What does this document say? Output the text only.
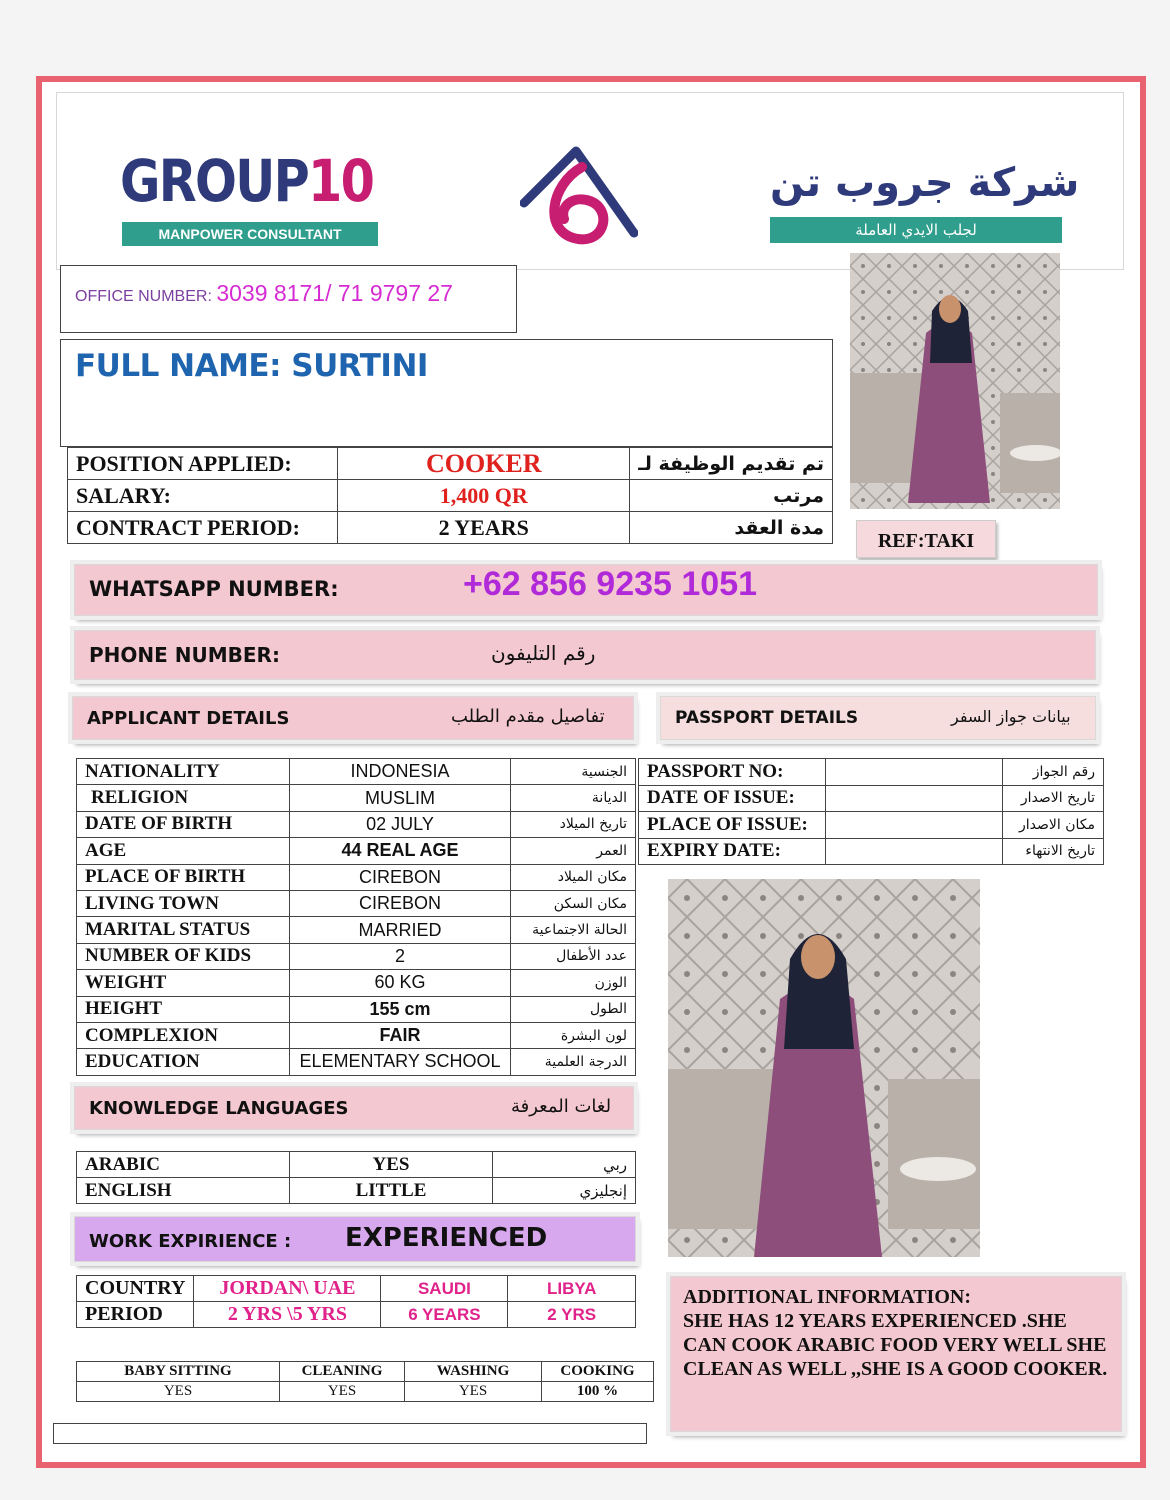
GROUP10
MANPOWER CONSULTANT
شركة جروب تن
لجلب الايدي العاملة
OFFICE NUMBER: 3039 8171/ 71 9797 27
FULL NAME: SURTINI
POSITION APPLIED:	COOKER	تم تقديم الوظيفة لـ
SALARY:	1,400 QR	مرتب
CONTRACT PERIOD:	2 YEARS	مدة العقد
REF:TAKI
WHATSAPP NUMBER:	+62 856 9235 1051
PHONE NUMBER:	رقم التليفون
APPLICANT DETAILS	تفاصيل مقدم الطلب	PASSPORT DETAILS	بيانات جواز السفر
NATIONALITY	INDONESIA	الجنسية
RELIGION	MUSLIM	الديانة
DATE OF BIRTH	02 JULY	تاريخ الميلاد
AGE	44 REAL AGE	العمر
PLACE OF BIRTH	CIREBON	مكان الميلاد
LIVING TOWN	CIREBON	مكان السكن
MARITAL STATUS	MARRIED	الحالة الاجتماعية
NUMBER OF KIDS	2	عدد الأطفال
WEIGHT	60 KG	الوزن
HEIGHT	155 cm	الطول
COMPLEXION	FAIR	لون البشرة
EDUCATION	ELEMENTARY SCHOOL	الدرجة العلمية
PASSPORT NO:		رقم الجواز
DATE OF ISSUE:		تاريخ الاصدار
PLACE OF ISSUE:		مكان الاصدار
EXPIRY DATE:		تاريخ الانتهاء
KNOWLEDGE LANGUAGES	لغات المعرفة
ARABIC	YES	ربي
ENGLISH	LITTLE	إنجليزي
WORK EXPIRIENCE : EXPERIENCED
COUNTRY	JORDAN\ UAE	SAUDI	LIBYA
PERIOD	2 YRS \5 YRS	6 YEARS	2 YRS
BABY SITTING	CLEANING	WASHING	COOKING
YES	YES	YES	100 %
ADDITIONAL INFORMATION:
SHE HAS 12 YEARS EXPERIENCED .SHE CAN COOK ARABIC FOOD VERY WELL SHE CLEAN AS WELL ,,SHE IS A GOOD COOKER.
